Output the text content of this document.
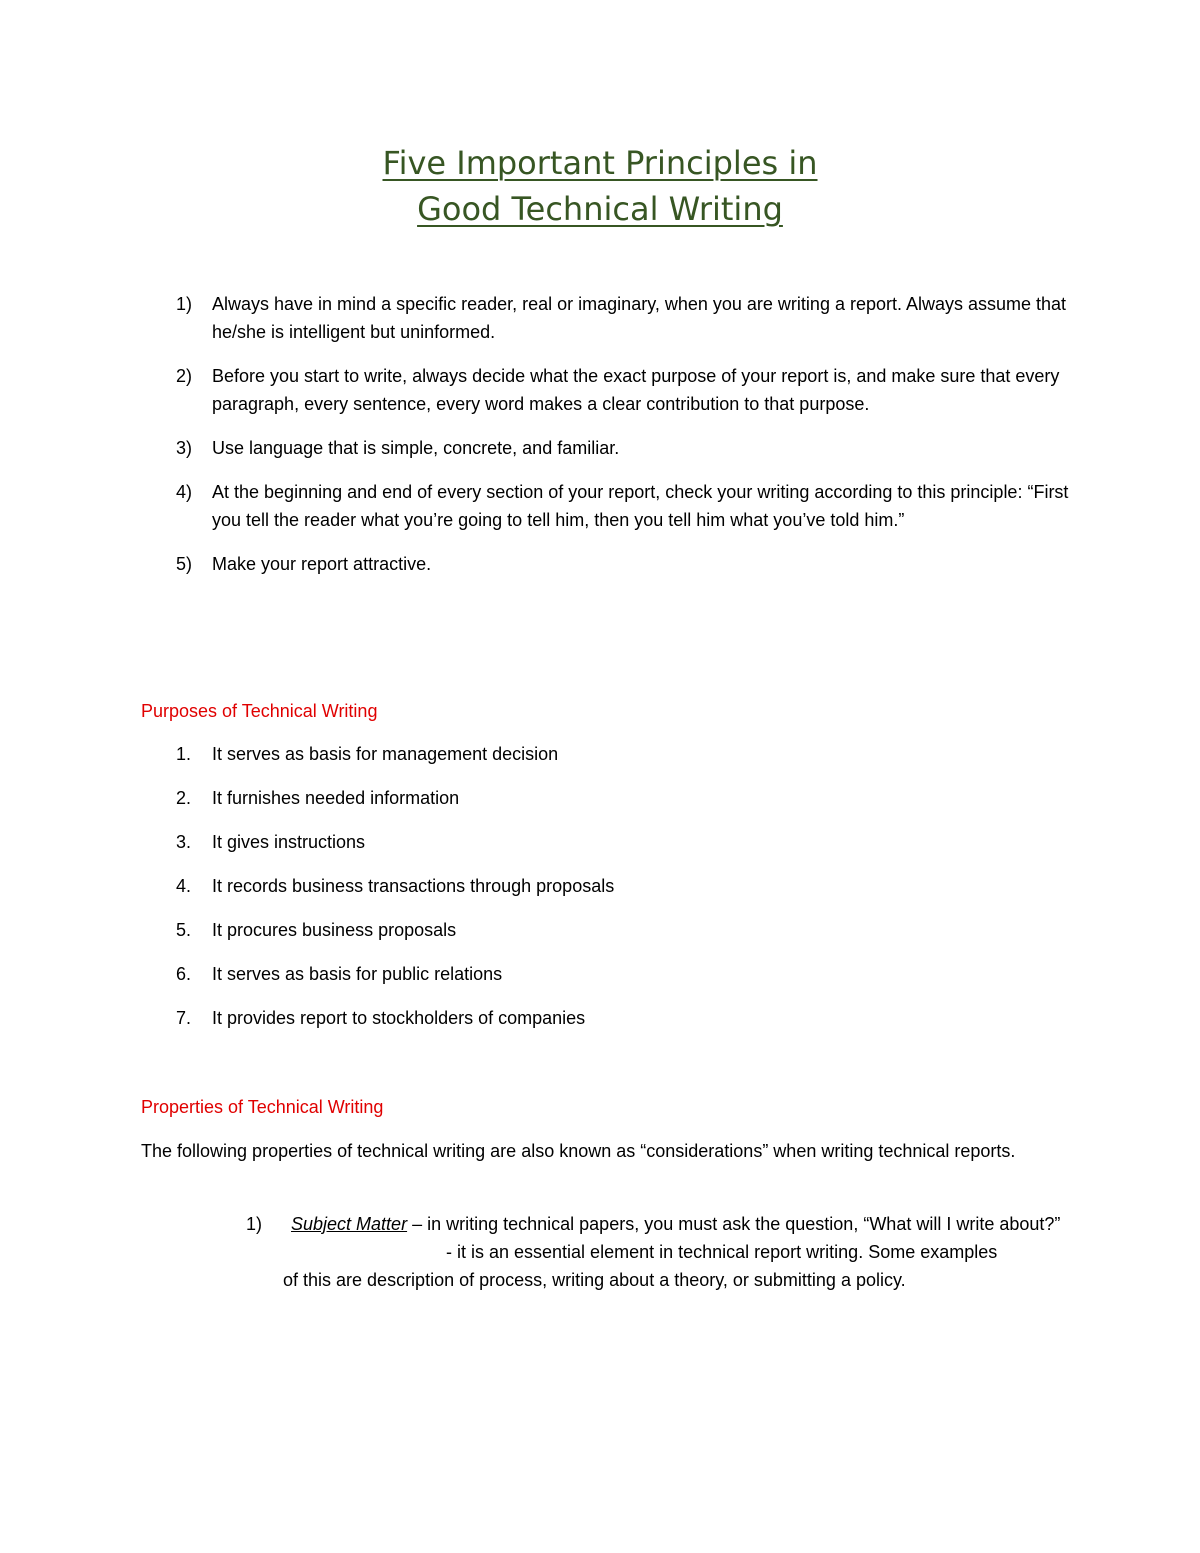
Five Important Principles in
Good Technical Writing
1)	Always have in mind a specific reader, real or imaginary, when you are writing a report. Always assume that he/she is intelligent but uninformed.
2)	Before you start to write, always decide what the exact purpose of your report is, and make sure that every paragraph, every sentence, every word makes a clear contribution to that purpose.
3)	Use language that is simple, concrete, and familiar.
4)	At the beginning and end of every section of your report, check your writing according to this principle: “First you tell the reader what you’re going to tell him, then you tell him what you’ve told him.”
5)	Make your report attractive.
Purposes of Technical Writing
1.	It serves as basis for management decision
2.	It furnishes needed information
3.	It gives instructions
4.	It records business transactions through proposals
5.	It procures business proposals
6.	It serves as basis for public relations
7.	It provides report to stockholders of companies
Properties of Technical Writing
The following properties of technical writing are also known as “considerations” when writing technical reports.
1)	Subject Matter – in writing technical papers, you must ask the question, “What will I write about?”
- it is an essential element in technical report writing. Some examples
of this are description of process, writing about a theory, or submitting a policy.
